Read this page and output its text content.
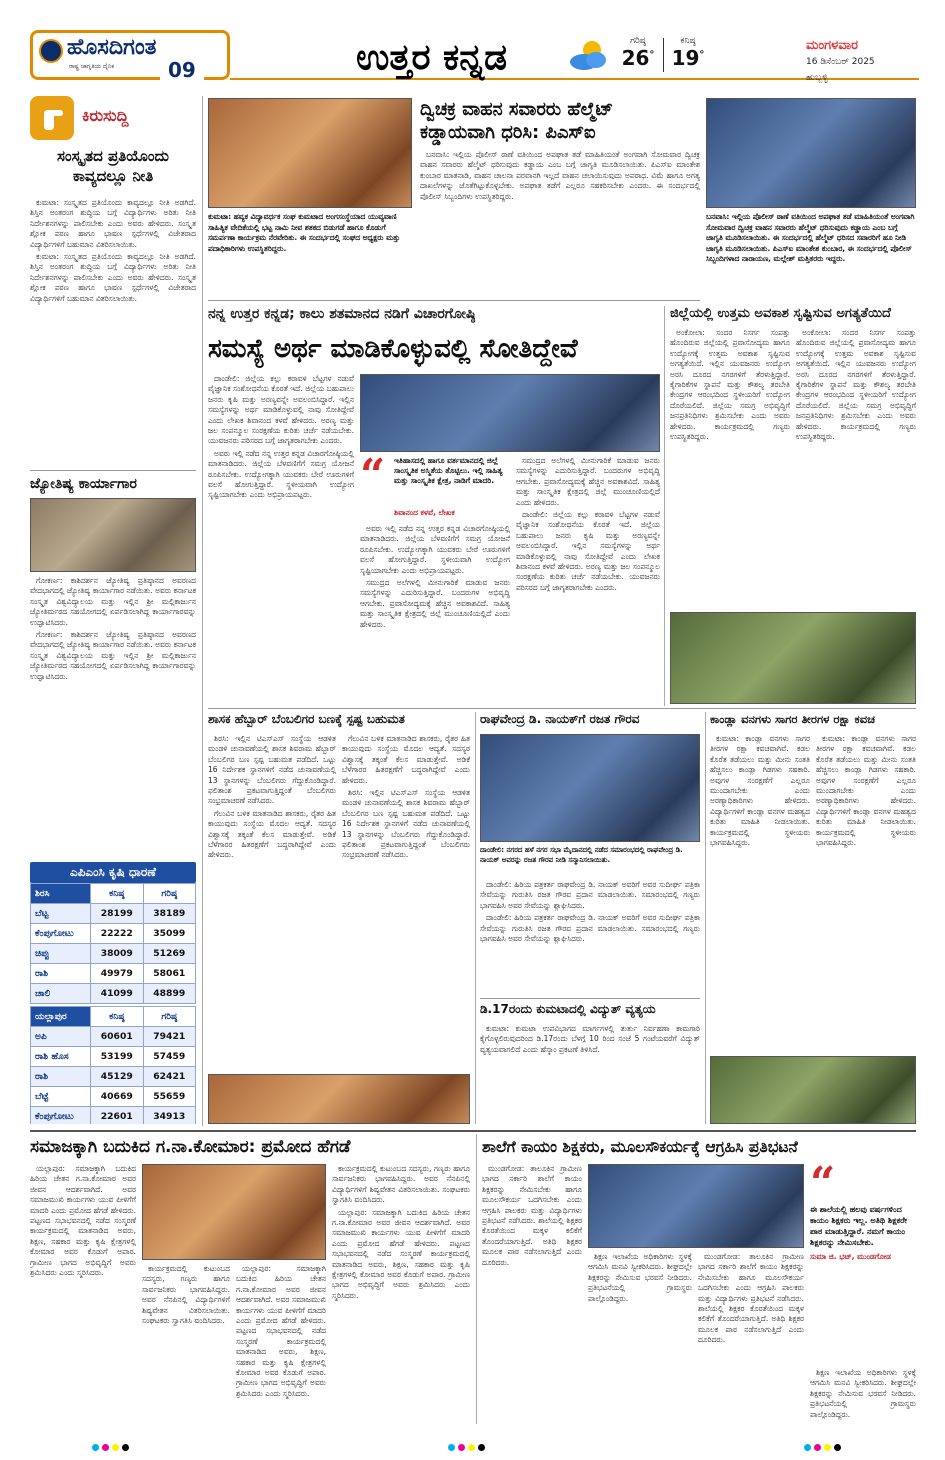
ಹೊಸದಿಗಂತ
ರಾಷ್ಟ್ರ ಜಾಗೃತಿಯ ದೈನಿಕ	09	ಉತ್ತರ ಕನ್ನಡ	ಗರಿಷ್ಠ
26°
ಕನಿಷ್ಠ
19°
ಮಂಗಳವಾರ
16 ಡಿಸೆಂಬರ್ 2025
ಹುಬ್ಬಳ್ಳಿ
ಕಿರುಸುದ್ದಿ
ಸಂಸ್ಕೃತದ ಪ್ರತಿಯೊಂದು ಕಾವ್ಯದಲ್ಲೂ ನೀತಿ

ಕುಮಟಾ: ಸಂಸ್ಕೃತದ ಪ್ರತಿಯೊಂದು ಕಾವ್ಯದಲ್ಲೂ ನೀತಿ ಅಡಗಿದೆ. ಶಿಸ್ತಿನ ಅಂತರಂಗ ಶುದ್ಧಿಯ ಬಗ್ಗೆ ವಿದ್ಯಾರ್ಥಿಗಳು ಅರಿತು ನೀತಿ ನಿರ್ದೇಶನಗಳನ್ನು ಪಾಲಿಸಬೇಕು ಎಂದು ಅವರು ಹೇಳಿದರು. ಸಂಸ್ಕೃತ ಶ್ಲೋಕ ಪಠಣ ಹಾಗೂ ಭಾಷಣ ಸ್ಪರ್ಧೆಗಳಲ್ಲಿ ವಿಜೇತರಾದ ವಿದ್ಯಾರ್ಥಿಗಳಿಗೆ ಬಹುಮಾನ ವಿತರಿಸಲಾಯಿತು.

ಕುಮಟಾ: ಸಂಸ್ಕೃತದ ಪ್ರತಿಯೊಂದು ಕಾವ್ಯದಲ್ಲೂ ನೀತಿ ಅಡಗಿದೆ. ಶಿಸ್ತಿನ ಅಂತರಂಗ ಶುದ್ಧಿಯ ಬಗ್ಗೆ ವಿದ್ಯಾರ್ಥಿಗಳು ಅರಿತು ನೀತಿ ನಿರ್ದೇಶನಗಳನ್ನು ಪಾಲಿಸಬೇಕು ಎಂದು ಅವರು ಹೇಳಿದರು. ಸಂಸ್ಕೃತ ಶ್ಲೋಕ ಪಠಣ ಹಾಗೂ ಭಾಷಣ ಸ್ಪರ್ಧೆಗಳಲ್ಲಿ ವಿಜೇತರಾದ ವಿದ್ಯಾರ್ಥಿಗಳಿಗೆ ಬಹುಮಾನ ವಿತರಿಸಲಾಯಿತು.

ಜ್ಯೋತಿಷ್ಯ ಕಾರ್ಯಾಗಾರ

ಗೋಕರ್ಣ: ಕಾಶಿದರ್ಶನ ಜ್ಯೋತಿಷ್ಯ ಪ್ರತಿಷ್ಠಾನದ ಅವರಣದ ವೇದಭಾಗದಲ್ಲಿ ಜ್ಯೋತಿಷ್ಯ ಕಾರ್ಯಾಗಾರ ನಡೆಯಿತು. ಅವರು ಕರ್ನಾಟಕ ಸಂಸ್ಕೃತ ವಿಶ್ವವಿದ್ಯಾಲಯ ಮತ್ತು ಇಲ್ಲಿನ ಶ್ರೀ ಮಲ್ಲಿಕಾರ್ಜುನ ಜ್ಯೋತಿರ್ಮಠದ ಸಹಯೋಗದಲ್ಲಿ ಏರ್ಪಡಿಸಲಾಗಿದ್ದ ಕಾರ್ಯಾಗಾರವನ್ನು ಉದ್ಘಾಟಿಸಿದರು.

ಗೋಕರ್ಣ: ಕಾಶಿದರ್ಶನ ಜ್ಯೋತಿಷ್ಯ ಪ್ರತಿಷ್ಠಾನದ ಅವರಣದ ವೇದಭಾಗದಲ್ಲಿ ಜ್ಯೋತಿಷ್ಯ ಕಾರ್ಯಾಗಾರ ನಡೆಯಿತು. ಅವರು ಕರ್ನಾಟಕ ಸಂಸ್ಕೃತ ವಿಶ್ವವಿದ್ಯಾಲಯ ಮತ್ತು ಇಲ್ಲಿನ ಶ್ರೀ ಮಲ್ಲಿಕಾರ್ಜುನ ಜ್ಯೋತಿರ್ಮಠದ ಸಹಯೋಗದಲ್ಲಿ ಏರ್ಪಡಿಸಲಾಗಿದ್ದ ಕಾರ್ಯಾಗಾರವನ್ನು ಉದ್ಘಾಟಿಸಿದರು.

ಎಪಿಎಂಸಿ ಕೃಷಿ ಧಾರಣೆ
ಶಿರಸಿ	ಕನಿಷ್ಠ	ಗರಿಷ್ಠ
ಬೆಟ್ಟ	28199	38189
ಕೆಂಪುಗೋಟು	22222	35099
ಚಿಪ್ಪು	38009	51269
ರಾಶಿ	49979	58061
ಚಾಲಿ	41099	48899
ಯಲ್ಲಾಪುರ	ಕನಿಷ್ಠ	ಗರಿಷ್ಠ
ಅಪಿ	60601	79421
ರಾಶಿ ಹೊಸ	53199	57459
ರಾಶಿ	45129	62421
ಬೆಟ್ಟೆ	40669	55659
ಕೆಂಪುಗೋಟು	22601	34913

ಕುಮಟಾ: ಹವ್ಯಕ ವಿದ್ಯಾವರ್ಧಕ ಸಂಘ ಕುಮಟಾದ ಅಂಗಸಂಸ್ಥೆಯಾದ ಯುವ್ಯವಾಣಿ ಸಾಹಿತ್ಯಿಕ ವೇದಿಕೆಯಲ್ಲಿ ಭಟ್ಟ ನಾಮಿ ನೀವ ಶತಕದ ಬಿಡುಗಡೆ ಹಾಗೂ ಕೊಡುಗೆ ಸಮರ್ಪಣಾ ಕಾರ್ಯಕ್ರಮ ನೆರವೇರಿತು. ಈ ಸಂದರ್ಭದಲ್ಲಿ ಸಂಘದ ಅಧ್ಯಕ್ಷರು ಮತ್ತು ಪದಾಧಿಕಾರಿಗಳು ಉಪಸ್ಥಿತರಿದ್ದರು.
ದ್ವಿಚಕ್ರ ವಾಹನ ಸವಾರರು ಹೆಲ್ಮೆಟ್
ಕಡ್ಡಾಯವಾಗಿ ಧರಿಸಿ: ಪಿಎಸ್‌ಐ

ಬನವಾಸಿ: ಇಲ್ಲಿಯ ಪೊಲೀಸ್ ಠಾಣೆ ವತಿಯಿಂದ ಅಪಘಾತ ತಡೆ ಮಾಹಿತಿಯಂತೆ ಅಂಗವಾಗಿ ಸೋಮವಾರ ದ್ವಿಚಕ್ರ ವಾಹನ ಸವಾರರು ಹೆಲ್ಮೆಟ್ ಧರಿಸುವುದು ಕಡ್ಡಾಯ ಎಂಬ ಬಗ್ಗೆ ಜಾಗೃತಿ ಮೂಡಿಸಲಾಯಿತು. ಪಿಎಸ್‌ಐ ಮಾಂತೇಶ ಕುಂಬಾರ ಮಾತನಾಡಿ, ವಾಹನ ಚಾಲನಾ ಪರವಾನಗಿ ಇಲ್ಲದೆ ವಾಹನ ಚಲಾಯಿಸುವುದು ಅಪರಾಧ. ವಿಮೆ ಹಾಗೂ ಅಗತ್ಯ ದಾಖಲೆಗಳನ್ನು ಜೊತೆಗಿಟ್ಟುಕೊಳ್ಳಬೇಕು. ಅಪಘಾತ ತಡೆಗೆ ಎಲ್ಲರೂ ಸಹಕರಿಸಬೇಕು ಎಂದರು. ಈ ಸಂದರ್ಭದಲ್ಲಿ ಪೊಲೀಸ್ ಸಿಬ್ಬಂದಿಗಳು ಉಪಸ್ಥಿತರಿದ್ದರು.

ಬನವಾಸಿ: ಇಲ್ಲಿಯ ಪೊಲೀಸ್ ಠಾಣೆ ವತಿಯಿಂದ ಅಪಘಾತ ತಡೆ ಮಾಹಿತಿಯಂತೆ ಅಂಗವಾಗಿ ಸೋಮವಾರ ದ್ವಿಚಕ್ರ ವಾಹನ ಸವಾರರು ಹೆಲ್ಮೆಟ್ ಧರಿಸುವುದು ಕಡ್ಡಾಯ ಎಂಬ ಬಗ್ಗೆ ಜಾಗೃತಿ ಮೂಡಿಸಲಾಯಿತು. ಈ ಸಂದರ್ಭದಲ್ಲಿ ಹೆಲ್ಮೆಟ್ ಧರಿಸದ ಸವಾರರಿಗೆ ಹೂ ನೀಡಿ ಜಾಗೃತಿ ಮೂಡಿಸಲಾಯಿತು. ಪಿಎಸ್‌ಐ ಮಾಂತೇಶ ಕುಂಬಾರ, ಈ ಸಂದರ್ಭದಲ್ಲಿ ಪೊಲೀಸ್ ಸಿಬ್ಬಂದಿಗಳಾದ ನಾರಾಯಣ, ಮಲ್ಲೇಶ್ ಮತ್ತಿತರರು ಇದ್ದರು.
ನನ್ನ ಉತ್ತರ ಕನ್ನಡ; ಕಾಲು ಶತಮಾನದ ನಡಿಗೆ ವಿಚಾರಗೋಷ್ಠಿ
ಸಮಸ್ಯೆ ಅರ್ಥ ಮಾಡಿಕೊಳ್ಳುವಲ್ಲಿ ಸೋತಿದ್ದೇವೆ

ದಾಂಡೇಲಿ: ಜಿಲ್ಲೆಯ ಕಲ್ಲು ಕರಾವಳಿ ಬೆಟ್ಟಗಳ ನಡುವೆ ವೈಜ್ಞಾನಿಕ ಸಂಶೋಧನೆಯ ಕೊರತೆ ಇದೆ. ಜಿಲ್ಲೆಯ ಬಹುಪಾಲು ಜನರು ಕೃಷಿ ಮತ್ತು ಅರಣ್ಯವನ್ನೇ ಅವಲಂಬಿಸಿದ್ದಾರೆ. ಇಲ್ಲಿನ ಸಮಸ್ಯೆಗಳನ್ನು ಅರ್ಥ ಮಾಡಿಕೊಳ್ಳುವಲ್ಲಿ ನಾವು ಸೋತಿದ್ದೇವೆ ಎಂದು ಲೇಖಕ ಶಿವಾನಂದ ಕಳವೆ ಹೇಳಿದರು. ಅರಣ್ಯ ಮತ್ತು ಜಲ ಸಂಪನ್ಮೂಲ ಸಂರಕ್ಷಣೆಯ ಕುರಿತು ಚರ್ಚೆ ನಡೆಯಬೇಕು. ಯುವಜನರು ಪರಿಸರದ ಬಗ್ಗೆ ಜಾಗೃತರಾಗಬೇಕು ಎಂದರು.

ಅವರು ಇಲ್ಲಿ ನಡೆದ ನನ್ನ ಉತ್ತರ ಕನ್ನಡ ವಿಚಾರಗೋಷ್ಠಿಯಲ್ಲಿ ಮಾತನಾಡಿದರು. ಜಿಲ್ಲೆಯ ಬೆಳವಣಿಗೆಗೆ ಸಮಗ್ರ ಯೋಜನೆ ರೂಪಿಸಬೇಕು. ಉದ್ಯೋಗಕ್ಕಾಗಿ ಯುವಕರು ಬೇರೆ ಊರುಗಳಿಗೆ ವಲಸೆ ಹೋಗುತ್ತಿದ್ದಾರೆ. ಸ್ಥಳೀಯವಾಗಿ ಉದ್ಯೋಗ ಸೃಷ್ಟಿಯಾಗಬೇಕು ಎಂದು ಅಭಿಪ್ರಾಯಪಟ್ಟರು.	“ ಇತಿಹಾಸದಲ್ಲಿ ಹಾಗೂ ವರ್ತಮಾನದಲ್ಲಿ ಜಿಲ್ಲೆ ಸಾಂಸ್ಕೃತಿಕ ಅಸ್ಮಿತೆಯ ತೊಟ್ಟಿಲು. ಇಲ್ಲಿ ಸಾಹಿತ್ಯ ಮತ್ತು ಸಾಂಸ್ಕೃತಿಕ ಕ್ಷೇತ್ರ, ನಾಡಿಗೆ ಮಾದರಿ.
ಶಿವಾನಂದ ಕಳವೆ, ಲೇಖಕ

ಅವರು ಇಲ್ಲಿ ನಡೆದ ನನ್ನ ಉತ್ತರ ಕನ್ನಡ ವಿಚಾರಗೋಷ್ಠಿಯಲ್ಲಿ ಮಾತನಾಡಿದರು. ಜಿಲ್ಲೆಯ ಬೆಳವಣಿಗೆಗೆ ಸಮಗ್ರ ಯೋಜನೆ ರೂಪಿಸಬೇಕು. ಉದ್ಯೋಗಕ್ಕಾಗಿ ಯುವಕರು ಬೇರೆ ಊರುಗಳಿಗೆ ವಲಸೆ ಹೋಗುತ್ತಿದ್ದಾರೆ. ಸ್ಥಳೀಯವಾಗಿ ಉದ್ಯೋಗ ಸೃಷ್ಟಿಯಾಗಬೇಕು ಎಂದು ಅಭಿಪ್ರಾಯಪಟ್ಟರು.

ಸಮುದ್ರದ ಅಲೆಗಳಲ್ಲಿ ಮೀನುಗಾರಿಕೆ ಮಾಡುವ ಜನರು ಸಮಸ್ಯೆಗಳನ್ನು ಎದುರಿಸುತ್ತಿದ್ದಾರೆ. ಬಂದರುಗಳ ಅಭಿವೃದ್ಧಿ ಆಗಬೇಕು. ಪ್ರವಾಸೋದ್ಯಮಕ್ಕೆ ಹೆಚ್ಚಿನ ಅವಕಾಶವಿದೆ. ಸಾಹಿತ್ಯ ಮತ್ತು ಸಾಂಸ್ಕೃತಿಕ ಕ್ಷೇತ್ರದಲ್ಲಿ ಜಿಲ್ಲೆ ಮುಂಚೂಣಿಯಲ್ಲಿದೆ ಎಂದು ಹೇಳಿದರು.

ಸಮುದ್ರದ ಅಲೆಗಳಲ್ಲಿ ಮೀನುಗಾರಿಕೆ ಮಾಡುವ ಜನರು ಸಮಸ್ಯೆಗಳನ್ನು ಎದುರಿಸುತ್ತಿದ್ದಾರೆ. ಬಂದರುಗಳ ಅಭಿವೃದ್ಧಿ ಆಗಬೇಕು. ಪ್ರವಾಸೋದ್ಯಮಕ್ಕೆ ಹೆಚ್ಚಿನ ಅವಕಾಶವಿದೆ. ಸಾಹಿತ್ಯ ಮತ್ತು ಸಾಂಸ್ಕೃತಿಕ ಕ್ಷೇತ್ರದಲ್ಲಿ ಜಿಲ್ಲೆ ಮುಂಚೂಣಿಯಲ್ಲಿದೆ ಎಂದು ಹೇಳಿದರು.

ದಾಂಡೇಲಿ: ಜಿಲ್ಲೆಯ ಕಲ್ಲು ಕರಾವಳಿ ಬೆಟ್ಟಗಳ ನಡುವೆ ವೈಜ್ಞಾನಿಕ ಸಂಶೋಧನೆಯ ಕೊರತೆ ಇದೆ. ಜಿಲ್ಲೆಯ ಬಹುಪಾಲು ಜನರು ಕೃಷಿ ಮತ್ತು ಅರಣ್ಯವನ್ನೇ ಅವಲಂಬಿಸಿದ್ದಾರೆ. ಇಲ್ಲಿನ ಸಮಸ್ಯೆಗಳನ್ನು ಅರ್ಥ ಮಾಡಿಕೊಳ್ಳುವಲ್ಲಿ ನಾವು ಸೋತಿದ್ದೇವೆ ಎಂದು ಲೇಖಕ ಶಿವಾನಂದ ಕಳವೆ ಹೇಳಿದರು. ಅರಣ್ಯ ಮತ್ತು ಜಲ ಸಂಪನ್ಮೂಲ ಸಂರಕ್ಷಣೆಯ ಕುರಿತು ಚರ್ಚೆ ನಡೆಯಬೇಕು. ಯುವಜನರು ಪರಿಸರದ ಬಗ್ಗೆ ಜಾಗೃತರಾಗಬೇಕು ಎಂದರು.

ಜಿಲ್ಲೆಯಲ್ಲಿ ಉತ್ತಮ ಅವಕಾಶ ಸೃಷ್ಟಿಸುವ ಅಗತ್ಯತೆಯಿದೆ

ಅಂಕೋಲಾ: ಸಂದರ ನಿಸರ್ಗ ಸಂಪತ್ತು ಹೊಂದಿರುವ ಜಿಲ್ಲೆಯಲ್ಲಿ ಪ್ರವಾಸೋದ್ಯಮ ಹಾಗೂ ಉದ್ಯೋಗಕ್ಕೆ ಉತ್ತಮ ಅವಕಾಶ ಸೃಷ್ಟಿಸುವ ಅಗತ್ಯತೆಯಿದೆ. ಇಲ್ಲಿನ ಯುವಜನರು ಉದ್ಯೋಗ ಅರಸಿ ದೂರದ ನಗರಗಳಿಗೆ ತೆರಳುತ್ತಿದ್ದಾರೆ. ಕೈಗಾರಿಕೆಗಳ ಸ್ಥಾಪನೆ ಮತ್ತು ಕೌಶಲ್ಯ ತರಬೇತಿ ಕೇಂದ್ರಗಳ ಆರಂಭದಿಂದ ಸ್ಥಳೀಯರಿಗೆ ಉದ್ಯೋಗ ದೊರೆಯಲಿದೆ. ಜಿಲ್ಲೆಯ ಸಮಗ್ರ ಅಭಿವೃದ್ಧಿಗೆ ಜನಪ್ರತಿನಿಧಿಗಳು ಶ್ರಮಿಸಬೇಕು ಎಂದು ಅವರು ಹೇಳಿದರು. ಕಾರ್ಯಕ್ರಮದಲ್ಲಿ ಗಣ್ಯರು ಉಪಸ್ಥಿತರಿದ್ದರು.

ಅಂಕೋಲಾ: ಸಂದರ ನಿಸರ್ಗ ಸಂಪತ್ತು ಹೊಂದಿರುವ ಜಿಲ್ಲೆಯಲ್ಲಿ ಪ್ರವಾಸೋದ್ಯಮ ಹಾಗೂ ಉದ್ಯೋಗಕ್ಕೆ ಉತ್ತಮ ಅವಕಾಶ ಸೃಷ್ಟಿಸುವ ಅಗತ್ಯತೆಯಿದೆ. ಇಲ್ಲಿನ ಯುವಜನರು ಉದ್ಯೋಗ ಅರಸಿ ದೂರದ ನಗರಗಳಿಗೆ ತೆರಳುತ್ತಿದ್ದಾರೆ. ಕೈಗಾರಿಕೆಗಳ ಸ್ಥಾಪನೆ ಮತ್ತು ಕೌಶಲ್ಯ ತರಬೇತಿ ಕೇಂದ್ರಗಳ ಆರಂಭದಿಂದ ಸ್ಥಳೀಯರಿಗೆ ಉದ್ಯೋಗ ದೊರೆಯಲಿದೆ. ಜಿಲ್ಲೆಯ ಸಮಗ್ರ ಅಭಿವೃದ್ಧಿಗೆ ಜನಪ್ರತಿನಿಧಿಗಳು ಶ್ರಮಿಸಬೇಕು ಎಂದು ಅವರು ಹೇಳಿದರು. ಕಾರ್ಯಕ್ರಮದಲ್ಲಿ ಗಣ್ಯರು ಉಪಸ್ಥಿತರಿದ್ದರು.

ಶಾಸಕ ಹೆಬ್ಬಾರ್ ಬೆಂಬಲಿಗರ ಬಣಕ್ಕೆ ಸ್ಪಷ್ಟ ಬಹುಮತ

ಶಿರಸಿ: ಇಲ್ಲಿನ ಟಿಎಸ್‌ಎಸ್ ಸಂಸ್ಥೆಯ ಆಡಳಿತ ಮಂಡಳಿ ಚುನಾವಣೆಯಲ್ಲಿ ಶಾಸಕ ಶಿವರಾಮ ಹೆಬ್ಬಾರ್ ಬೆಂಬಲಿಗರ ಬಣ ಸ್ಪಷ್ಟ ಬಹುಮತ ಪಡೆದಿದೆ. ಒಟ್ಟು 16 ನಿರ್ದೇಶಕ ಸ್ಥಾನಗಳಿಗೆ ನಡೆದ ಚುನಾವಣೆಯಲ್ಲಿ 13 ಸ್ಥಾನಗಳನ್ನು ಬೆಂಬಲಿಗರು ಗೆದ್ದುಕೊಂಡಿದ್ದಾರೆ. ಫಲಿತಾಂಶ ಪ್ರಕಟವಾಗುತ್ತಿದ್ದಂತೆ ಬೆಂಬಲಿಗರು ಸಂಭ್ರಮಾಚರಣೆ ನಡೆಸಿದರು.

ಗೆಲುವಿನ ಬಳಿಕ ಮಾತನಾಡಿದ ಶಾಸಕರು, ರೈತರ ಹಿತ ಕಾಯುವುದು ಸಂಸ್ಥೆಯ ಮೊದಲ ಆದ್ಯತೆ. ಸದಸ್ಯರ ವಿಶ್ವಾಸಕ್ಕೆ ತಕ್ಕಂತೆ ಕೆಲಸ ಮಾಡುತ್ತೇವೆ. ಅಡಿಕೆ ಬೆಳೆಗಾರರ ಹಿತರಕ್ಷಣೆಗೆ ಬದ್ಧರಾಗಿದ್ದೇವೆ ಎಂದು ಹೇಳಿದರು.

ಗೆಲುವಿನ ಬಳಿಕ ಮಾತನಾಡಿದ ಶಾಸಕರು, ರೈತರ ಹಿತ ಕಾಯುವುದು ಸಂಸ್ಥೆಯ ಮೊದಲ ಆದ್ಯತೆ. ಸದಸ್ಯರ ವಿಶ್ವಾಸಕ್ಕೆ ತಕ್ಕಂತೆ ಕೆಲಸ ಮಾಡುತ್ತೇವೆ. ಅಡಿಕೆ ಬೆಳೆಗಾರರ ಹಿತರಕ್ಷಣೆಗೆ ಬದ್ಧರಾಗಿದ್ದೇವೆ ಎಂದು ಹೇಳಿದರು.

ಶಿರಸಿ: ಇಲ್ಲಿನ ಟಿಎಸ್‌ಎಸ್ ಸಂಸ್ಥೆಯ ಆಡಳಿತ ಮಂಡಳಿ ಚುನಾವಣೆಯಲ್ಲಿ ಶಾಸಕ ಶಿವರಾಮ ಹೆಬ್ಬಾರ್ ಬೆಂಬಲಿಗರ ಬಣ ಸ್ಪಷ್ಟ ಬಹುಮತ ಪಡೆದಿದೆ. ಒಟ್ಟು 16 ನಿರ್ದೇಶಕ ಸ್ಥಾನಗಳಿಗೆ ನಡೆದ ಚುನಾವಣೆಯಲ್ಲಿ 13 ಸ್ಥಾನಗಳನ್ನು ಬೆಂಬಲಿಗರು ಗೆದ್ದುಕೊಂಡಿದ್ದಾರೆ. ಫಲಿತಾಂಶ ಪ್ರಕಟವಾಗುತ್ತಿದ್ದಂತೆ ಬೆಂಬಲಿಗರು ಸಂಭ್ರಮಾಚರಣೆ ನಡೆಸಿದರು.

ರಾಘವೇಂದ್ರ ಡಿ. ನಾಯಕ್‌ಗೆ ರಜತ ಗೌರವ
ದಾಂಡೇಲಿ: ನಗರದ ಹಳೆ ನಗರ ಸಭಾ ಮೈದಾನದಲ್ಲಿ ನಡೆದ ಸಮಾರಂಭದಲ್ಲಿ ರಾಘವೇಂದ್ರ ಡಿ. ನಾಯಕ್ ಅವರನ್ನು ರಜತ ಗೌರವ ನೀಡಿ ಸನ್ಮಾನಿಸಲಾಯಿತು.

ದಾಂಡೇಲಿ: ಹಿರಿಯ ಪತ್ರಕರ್ತ ರಾಘವೇಂದ್ರ ಡಿ. ನಾಯಕ್ ಅವರಿಗೆ ಅವರ ಸುದೀರ್ಘ ಪತ್ರಿಕಾ ಸೇವೆಯನ್ನು ಗುರುತಿಸಿ ರಜತ ಗೌರವ ಪ್ರದಾನ ಮಾಡಲಾಯಿತು. ಸಮಾರಂಭದಲ್ಲಿ ಗಣ್ಯರು ಭಾಗವಹಿಸಿ ಅವರ ಸೇವೆಯನ್ನು ಶ್ಲಾಘಿಸಿದರು.

ದಾಂಡೇಲಿ: ಹಿರಿಯ ಪತ್ರಕರ್ತ ರಾಘವೇಂದ್ರ ಡಿ. ನಾಯಕ್ ಅವರಿಗೆ ಅವರ ಸುದೀರ್ಘ ಪತ್ರಿಕಾ ಸೇವೆಯನ್ನು ಗುರುತಿಸಿ ರಜತ ಗೌರವ ಪ್ರದಾನ ಮಾಡಲಾಯಿತು. ಸಮಾರಂಭದಲ್ಲಿ ಗಣ್ಯರು ಭಾಗವಹಿಸಿ ಅವರ ಸೇವೆಯನ್ನು ಶ್ಲಾಘಿಸಿದರು.

ಡಿ.17ರಂದು ಕುಮಟಾದಲ್ಲಿ ವಿದ್ಯುತ್ ವ್ಯತ್ಯಯ

ಕುಮಟಾ: ಕುಮಟಾ ಉಪವಿಭಾಗದ ಮಾರ್ಗಗಳಲ್ಲಿ ತುರ್ತು ನಿರ್ವಹಣಾ ಕಾಮಗಾರಿ ಕೈಗೊಳ್ಳಲಿರುವುದರಿಂದ ಡಿ.17ರಂದು ಬೆಳಗ್ಗೆ 10 ರಿಂದ ಸಂಜೆ 5 ಗಂಟೆಯವರೆಗೆ ವಿದ್ಯುತ್ ವ್ಯತ್ಯಯವಾಗಲಿದೆ ಎಂದು ಹೆಸ್ಕಾಂ ಪ್ರಕಟಣೆ ತಿಳಿಸಿದೆ.

ಕಾಂಡ್ಲಾ ವನಗಳು ಸಾಗರ ತೀರಗಳ ರಕ್ಷಾ ಕವಚ

ಕುಮಟಾ: ಕಾಂಡ್ಲಾ ವನಗಳು ಸಾಗರ ತೀರಗಳ ರಕ್ಷಾ ಕವಚವಾಗಿವೆ. ಕಡಲ ಕೊರೆತ ತಡೆಯಲು ಮತ್ತು ಮೀನು ಸಂತತಿ ಹೆಚ್ಚಿಸಲು ಕಾಂಡ್ಲಾ ಗಿಡಗಳು ಸಹಕಾರಿ. ಅವುಗಳ ಸಂರಕ್ಷಣೆಗೆ ಎಲ್ಲರೂ ಮುಂದಾಗಬೇಕು ಎಂದು ಅರಣ್ಯಾಧಿಕಾರಿಗಳು ಹೇಳಿದರು. ವಿದ್ಯಾರ್ಥಿಗಳಿಗೆ ಕಾಂಡ್ಲಾ ವನಗಳ ಮಹತ್ವದ ಕುರಿತು ಮಾಹಿತಿ ನೀಡಲಾಯಿತು. ಕಾರ್ಯಕ್ರಮದಲ್ಲಿ ಸ್ಥಳೀಯರು ಭಾಗವಹಿಸಿದ್ದರು.

ಕುಮಟಾ: ಕಾಂಡ್ಲಾ ವನಗಳು ಸಾಗರ ತೀರಗಳ ರಕ್ಷಾ ಕವಚವಾಗಿವೆ. ಕಡಲ ಕೊರೆತ ತಡೆಯಲು ಮತ್ತು ಮೀನು ಸಂತತಿ ಹೆಚ್ಚಿಸಲು ಕಾಂಡ್ಲಾ ಗಿಡಗಳು ಸಹಕಾರಿ. ಅವುಗಳ ಸಂರಕ್ಷಣೆಗೆ ಎಲ್ಲರೂ ಮುಂದಾಗಬೇಕು ಎಂದು ಅರಣ್ಯಾಧಿಕಾರಿಗಳು ಹೇಳಿದರು. ವಿದ್ಯಾರ್ಥಿಗಳಿಗೆ ಕಾಂಡ್ಲಾ ವನಗಳ ಮಹತ್ವದ ಕುರಿತು ಮಾಹಿತಿ ನೀಡಲಾಯಿತು. ಕಾರ್ಯಕ್ರಮದಲ್ಲಿ ಸ್ಥಳೀಯರು ಭಾಗವಹಿಸಿದ್ದರು.

ಸಮಾಜಕ್ಕಾಗಿ ಬದುಕಿದ ಗ.ನಾ.ಕೋಮಾರ: ಪ್ರಮೋದ ಹೆಗಡೆ

ಯಲ್ಲಾಪುರ: ಸಮಾಜಕ್ಕಾಗಿ ಬದುಕಿದ ಹಿರಿಯ ಚೇತನ ಗ.ನಾ.ಕೋಮಾರ ಅವರ ಜೀವನ ಆದರ್ಶವಾಗಿದೆ. ಅವರ ಸಮಾಜಮುಖಿ ಕಾರ್ಯಗಳು ಯುವ ಪೀಳಿಗೆಗೆ ಮಾದರಿ ಎಂದು ಪ್ರಮೋದ ಹೆಗಡೆ ಹೇಳಿದರು. ಪಟ್ಟಣದ ಸಭಾಭವನದಲ್ಲಿ ನಡೆದ ಸಂಸ್ಮರಣೆ ಕಾರ್ಯಕ್ರಮದಲ್ಲಿ ಮಾತನಾಡಿದ ಅವರು, ಶಿಕ್ಷಣ, ಸಹಕಾರ ಮತ್ತು ಕೃಷಿ ಕ್ಷೇತ್ರಗಳಲ್ಲಿ ಕೋಮಾರ ಅವರ ಕೊಡುಗೆ ಅಪಾರ. ಗ್ರಾಮೀಣ ಭಾಗದ ಅಭಿವೃದ್ಧಿಗೆ ಅವರು ಶ್ರಮಿಸಿದರು ಎಂದು ಸ್ಮರಿಸಿದರು.	ಕಾರ್ಯಕ್ರಮದಲ್ಲಿ ಕುಟುಂಬದ ಸದಸ್ಯರು, ಗಣ್ಯರು ಹಾಗೂ ಸಾರ್ವಜನಿಕರು ಭಾಗವಹಿಸಿದ್ದರು. ಅವರ ನೆನಪಿನಲ್ಲಿ ವಿದ್ಯಾರ್ಥಿಗಳಿಗೆ ಶಿಷ್ಯವೇತನ ವಿತರಿಸಲಾಯಿತು. ಸಂಘಟಕರು ಸ್ವಾಗತಿಸಿ ವಂದಿಸಿದರು.

ಯಲ್ಲಾಪುರ: ಸಮಾಜಕ್ಕಾಗಿ ಬದುಕಿದ ಹಿರಿಯ ಚೇತನ ಗ.ನಾ.ಕೋಮಾರ ಅವರ ಜೀವನ ಆದರ್ಶವಾಗಿದೆ. ಅವರ ಸಮಾಜಮುಖಿ ಕಾರ್ಯಗಳು ಯುವ ಪೀಳಿಗೆಗೆ ಮಾದರಿ ಎಂದು ಪ್ರಮೋದ ಹೆಗಡೆ ಹೇಳಿದರು. ಪಟ್ಟಣದ ಸಭಾಭವನದಲ್ಲಿ ನಡೆದ ಸಂಸ್ಮರಣೆ ಕಾರ್ಯಕ್ರಮದಲ್ಲಿ ಮಾತನಾಡಿದ ಅವರು, ಶಿಕ್ಷಣ, ಸಹಕಾರ ಮತ್ತು ಕೃಷಿ ಕ್ಷೇತ್ರಗಳಲ್ಲಿ ಕೋಮಾರ ಅವರ ಕೊಡುಗೆ ಅಪಾರ. ಗ್ರಾಮೀಣ ಭಾಗದ ಅಭಿವೃದ್ಧಿಗೆ ಅವರು ಶ್ರಮಿಸಿದರು ಎಂದು ಸ್ಮರಿಸಿದರು.

ಕಾರ್ಯಕ್ರಮದಲ್ಲಿ ಕುಟುಂಬದ ಸದಸ್ಯರು, ಗಣ್ಯರು ಹಾಗೂ ಸಾರ್ವಜನಿಕರು ಭಾಗವಹಿಸಿದ್ದರು. ಅವರ ನೆನಪಿನಲ್ಲಿ ವಿದ್ಯಾರ್ಥಿಗಳಿಗೆ ಶಿಷ್ಯವೇತನ ವಿತರಿಸಲಾಯಿತು. ಸಂಘಟಕರು ಸ್ವಾಗತಿಸಿ ವಂದಿಸಿದರು.

ಯಲ್ಲಾಪುರ: ಸಮಾಜಕ್ಕಾಗಿ ಬದುಕಿದ ಹಿರಿಯ ಚೇತನ ಗ.ನಾ.ಕೋಮಾರ ಅವರ ಜೀವನ ಆದರ್ಶವಾಗಿದೆ. ಅವರ ಸಮಾಜಮುಖಿ ಕಾರ್ಯಗಳು ಯುವ ಪೀಳಿಗೆಗೆ ಮಾದರಿ ಎಂದು ಪ್ರಮೋದ ಹೆಗಡೆ ಹೇಳಿದರು. ಪಟ್ಟಣದ ಸಭಾಭವನದಲ್ಲಿ ನಡೆದ ಸಂಸ್ಮರಣೆ ಕಾರ್ಯಕ್ರಮದಲ್ಲಿ ಮಾತನಾಡಿದ ಅವರು, ಶಿಕ್ಷಣ, ಸಹಕಾರ ಮತ್ತು ಕೃಷಿ ಕ್ಷೇತ್ರಗಳಲ್ಲಿ ಕೋಮಾರ ಅವರ ಕೊಡುಗೆ ಅಪಾರ. ಗ್ರಾಮೀಣ ಭಾಗದ ಅಭಿವೃದ್ಧಿಗೆ ಅವರು ಶ್ರಮಿಸಿದರು ಎಂದು ಸ್ಮರಿಸಿದರು.

ಶಾಲೆಗೆ ಕಾಯಂ ಶಿಕ್ಷಕರು, ಮೂಲಸೌಕರ್ಯಕ್ಕೆ ಆಗ್ರಹಿಸಿ ಪ್ರತಿಭಟನೆ

ಮುಂಡಗೋಡ: ತಾಲೂಕಿನ ಗ್ರಾಮೀಣ ಭಾಗದ ಸರ್ಕಾರಿ ಶಾಲೆಗೆ ಕಾಯಂ ಶಿಕ್ಷಕರನ್ನು ನೇಮಿಸಬೇಕು ಹಾಗೂ ಮೂಲಸೌಕರ್ಯ ಒದಗಿಸಬೇಕು ಎಂದು ಆಗ್ರಹಿಸಿ ಪಾಲಕರು ಮತ್ತು ವಿದ್ಯಾರ್ಥಿಗಳು ಪ್ರತಿಭಟನೆ ನಡೆಸಿದರು. ಶಾಲೆಯಲ್ಲಿ ಶಿಕ್ಷಕರ ಕೊರತೆಯಿಂದ ಮಕ್ಕಳ ಕಲಿಕೆಗೆ ತೊಂದರೆಯಾಗುತ್ತಿದೆ. ಅತಿಥಿ ಶಿಕ್ಷಕರ ಮೂಲಕ ಪಾಠ ನಡೆಸಲಾಗುತ್ತಿದೆ ಎಂದು ದೂರಿದರು.

ಶಿಕ್ಷಣ ಇಲಾಖೆಯ ಅಧಿಕಾರಿಗಳು ಸ್ಥಳಕ್ಕೆ ಆಗಮಿಸಿ ಮನವಿ ಸ್ವೀಕರಿಸಿದರು. ಶೀಘ್ರದಲ್ಲೇ ಶಿಕ್ಷಕರನ್ನು ನೇಮಿಸುವ ಭರವಸೆ ನೀಡಿದರು. ಪ್ರತಿಭಟನೆಯಲ್ಲಿ ಗ್ರಾಮಸ್ಥರು ಪಾಲ್ಗೊಂಡಿದ್ದರು.

ಮುಂಡಗೋಡ: ತಾಲೂಕಿನ ಗ್ರಾಮೀಣ ಭಾಗದ ಸರ್ಕಾರಿ ಶಾಲೆಗೆ ಕಾಯಂ ಶಿಕ್ಷಕರನ್ನು ನೇಮಿಸಬೇಕು ಹಾಗೂ ಮೂಲಸೌಕರ್ಯ ಒದಗಿಸಬೇಕು ಎಂದು ಆಗ್ರಹಿಸಿ ಪಾಲಕರು ಮತ್ತು ವಿದ್ಯಾರ್ಥಿಗಳು ಪ್ರತಿಭಟನೆ ನಡೆಸಿದರು. ಶಾಲೆಯಲ್ಲಿ ಶಿಕ್ಷಕರ ಕೊರತೆಯಿಂದ ಮಕ್ಕಳ ಕಲಿಕೆಗೆ ತೊಂದರೆಯಾಗುತ್ತಿದೆ. ಅತಿಥಿ ಶಿಕ್ಷಕರ ಮೂಲಕ ಪಾಠ ನಡೆಸಲಾಗುತ್ತಿದೆ ಎಂದು ದೂರಿದರು.

“
ಈ ಶಾಲೆಯಲ್ಲಿ ಹಲವು ವರ್ಷಗಳಿಂದ ಕಾಯಂ ಶಿಕ್ಷಕರು ಇಲ್ಲ. ಅತಿಥಿ ಶಿಕ್ಷಕರೇ ಪಾಠ ಮಾಡುತ್ತಿದ್ದಾರೆ. ನಮಗೆ ಕಾಯಂ ಶಿಕ್ಷಕರನ್ನು ನೇಮಿಸಬೇಕು.
ಸುಮಾ ಜಿ. ಭಟ್, ಮುಂಡಗೋಡ

ಶಿಕ್ಷಣ ಇಲಾಖೆಯ ಅಧಿಕಾರಿಗಳು ಸ್ಥಳಕ್ಕೆ ಆಗಮಿಸಿ ಮನವಿ ಸ್ವೀಕರಿಸಿದರು. ಶೀಘ್ರದಲ್ಲೇ ಶಿಕ್ಷಕರನ್ನು ನೇಮಿಸುವ ಭರವಸೆ ನೀಡಿದರು. ಪ್ರತಿಭಟನೆಯಲ್ಲಿ ಗ್ರಾಮಸ್ಥರು ಪಾಲ್ಗೊಂಡಿದ್ದರು.
